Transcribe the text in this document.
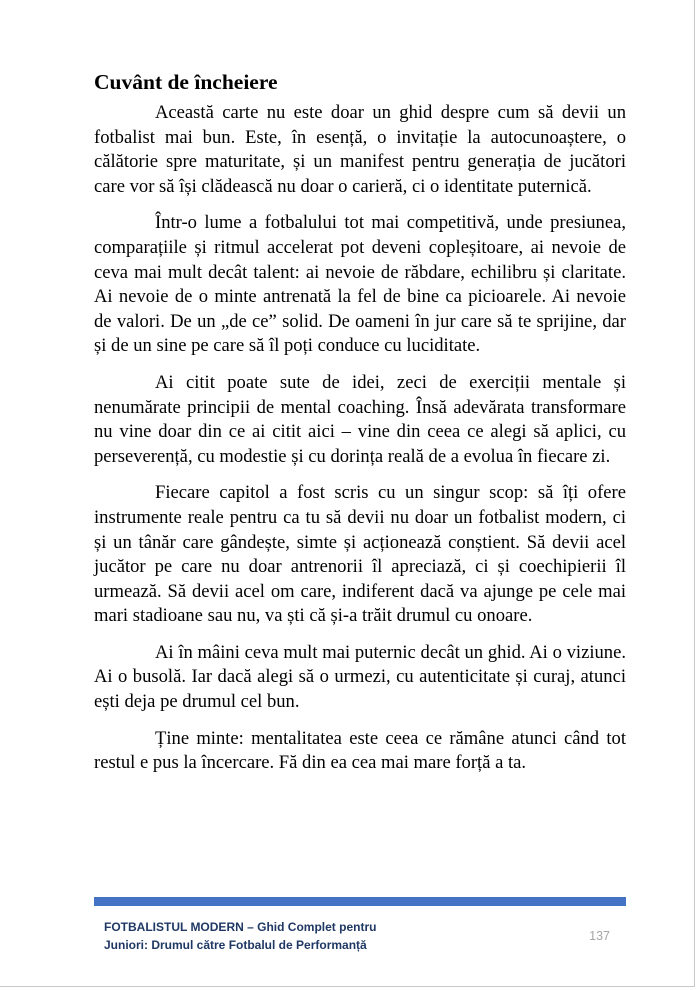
Cuvânt de încheiere

Această carte nu este doar un ghid despre cum să devii un fotbalist mai bun. Este, în esență, o invitație la autocunoaștere, o călătorie spre maturitate, și un manifest pentru generația de jucători care vor să își clădească nu doar o carieră, ci o identitate puternică.

Într-o lume a fotbalului tot mai competitivă, unde presiunea, comparațiile și ritmul accelerat pot deveni copleșitoare, ai nevoie de ceva mai mult decât talent: ai nevoie de răbdare, echilibru și claritate. Ai nevoie de o minte antrenată la fel de bine ca picioarele. Ai nevoie de valori. De un „de ce” solid. De oameni în jur care să te sprijine, dar și de un sine pe care să îl poți conduce cu luciditate.

Ai citit poate sute de idei, zeci de exerciții mentale și nenumărate principii de mental coaching. Însă adevărata transformare nu vine doar din ce ai citit aici – vine din ceea ce alegi să aplici, cu perseverență, cu modestie și cu dorința reală de a evolua în fiecare zi.

Fiecare capitol a fost scris cu un singur scop: să îți ofere instrumente reale pentru ca tu să devii nu doar un fotbalist modern, ci și un tânăr care gândește, simte și acționează conștient. Să devii acel jucător pe care nu doar antrenorii îl apreciază, ci și coechipierii îl urmează. Să devii acel om care, indiferent dacă va ajunge pe cele mai mari stadioane sau nu, va ști că și-a trăit drumul cu onoare.

Ai în mâini ceva mult mai puternic decât un ghid. Ai o viziune. Ai o busolă. Iar dacă alegi să o urmezi, cu autenticitate și curaj, atunci ești deja pe drumul cel bun.

Ține minte: mentalitatea este ceea ce rămâne atunci când tot restul e pus la încercare. Fă din ea cea mai mare forță a ta.

FOTBALISTUL MODERN – Ghid Complet pentru
Juniori: Drumul către Fotbalul de Performanță
137
